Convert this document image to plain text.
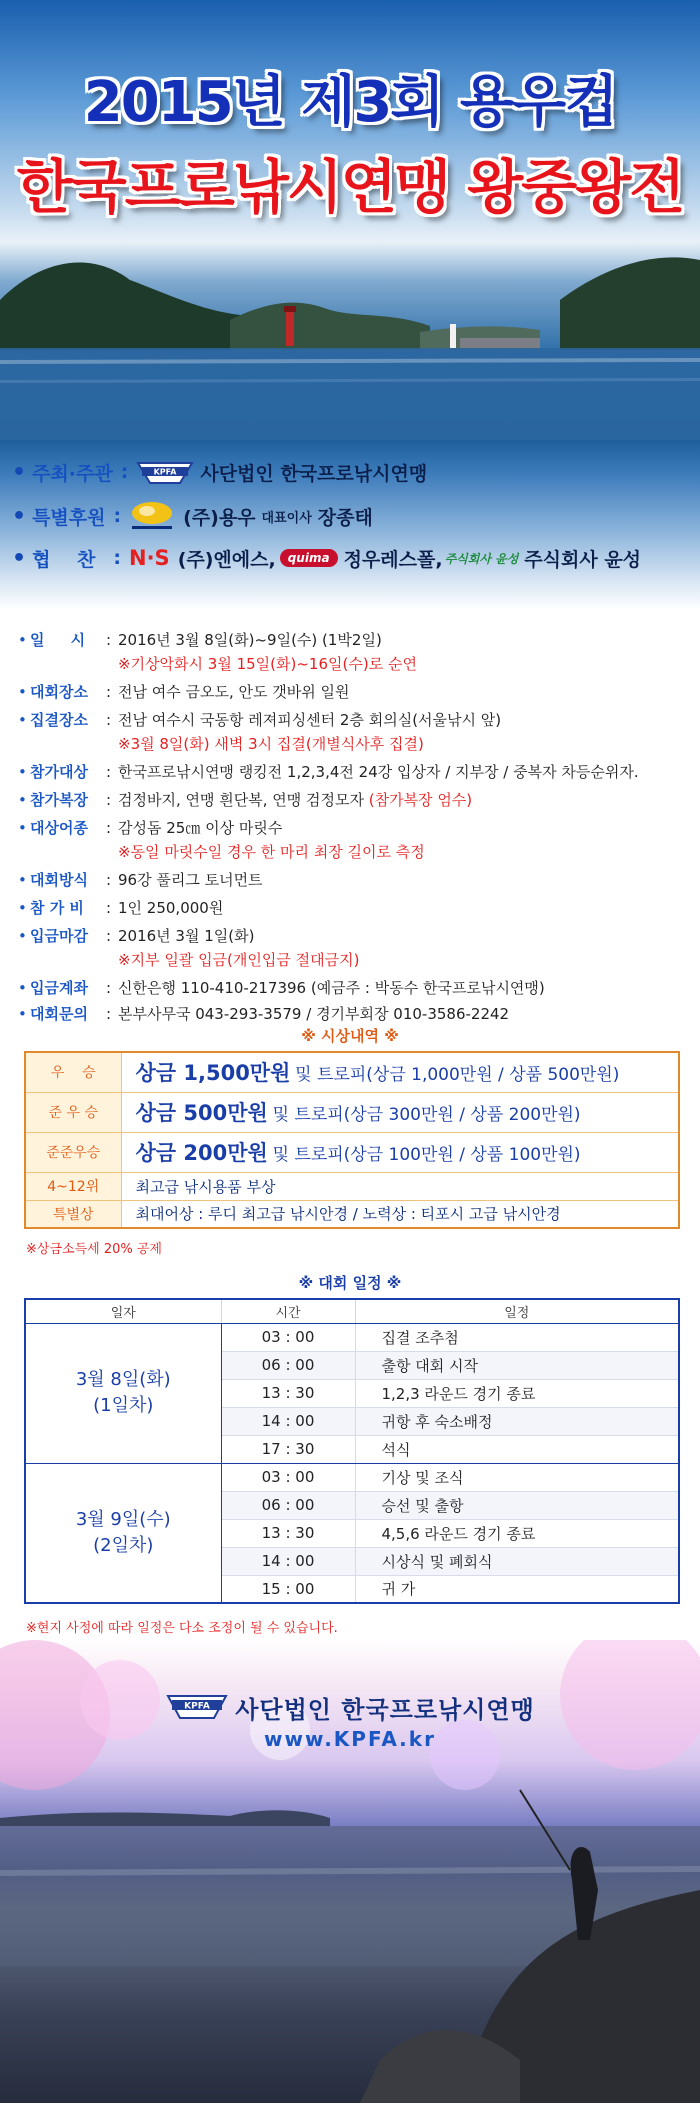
2015년 제3회 용우컵
한국프로낚시연맹 왕중왕전
• 주최·주관 :	KPFA 사단법인 한국프로낚시연맹
• 특별후원 :	(주)용우 대표이사 장종태
• 협 찬 : N·S (주)엔에스,	quima 정우레스폴, 주식회사 윤성 주식회사 윤성
• 일     시 : 2016년 3월 8일(화)~9일(수) (1박2일)
※기상악화시 3월 15일(화)~16일(수)로 순연
• 대회장소 : 전남 여수 금오도, 안도 갯바위 일원
• 집결장소 : 전남 여수시 국동항 레져피싱센터 2층 회의실(서울낚시 앞)
※3월 8일(화) 새벽 3시 집결(개별식사후 집결)
• 참가대상 : 한국프로낚시연맹 랭킹전 1,2,3,4전 24강 입상자 / 지부장 / 중복자 차등순위자.
• 참가복장 : 검정바지, 연맹 흰단복, 연맹 검정모자 (참가복장 엄수)
• 대상어종 : 감성돔 25㎝ 이상 마릿수
※동일 마릿수일 경우 한 마리 최장 길이로 측정
• 대회방식 : 96강 풀리그 토너먼트
• 참 가 비 : 1인 250,000원
• 입금마감 : 2016년 3월 1일(화)
※지부 일괄 입금(개인입금 절대금지)
• 입금계좌 : 신한은행 110-410-217396 (예금주 : 박동수 한국프로낚시연맹)
• 대회문의 : 본부사무국 043-293-3579 / 경기부회장 010-3586-2242
※ 시상내역 ※
우    승	상금 1,500만원 및 트로피(상금 1,000만원 / 상품 500만원)
준 우 승	상금 500만원 및 트로피(상금 300만원 / 상품 200만원)
준준우승	상금 200만원 및 트로피(상금 100만원 / 상품 100만원)
4~12위	최고급 낚시용품 부상
특별상	최대어상 : 루디 최고급 낚시안경 / 노력상 : 티포시 고급 낚시안경
※상금소득세 20% 공제
※ 대회 일정 ※
일자	시간	일정

3월 8일(화)
(1일차)	03 : 00	집결 조추첨
	06 : 00	출항 대회 시작
	13 : 30	1,2,3 라운드 경기 종료
	14 : 00	귀항 후 숙소배정
	17 : 30	석식

3월 9일(수)
(2일차)	03 : 00	기상 및 조식
	06 : 00	승선 및 출항
	13 : 30	4,5,6 라운드 경기 종료
	14 : 00	시상식 및 폐회식
	15 : 00	귀 가
※현지 사정에 따라 일정은 다소 조정이 될 수 있습니다.
KPFA	사단법인 한국프로낚시연맹
www.KPFA.kr
